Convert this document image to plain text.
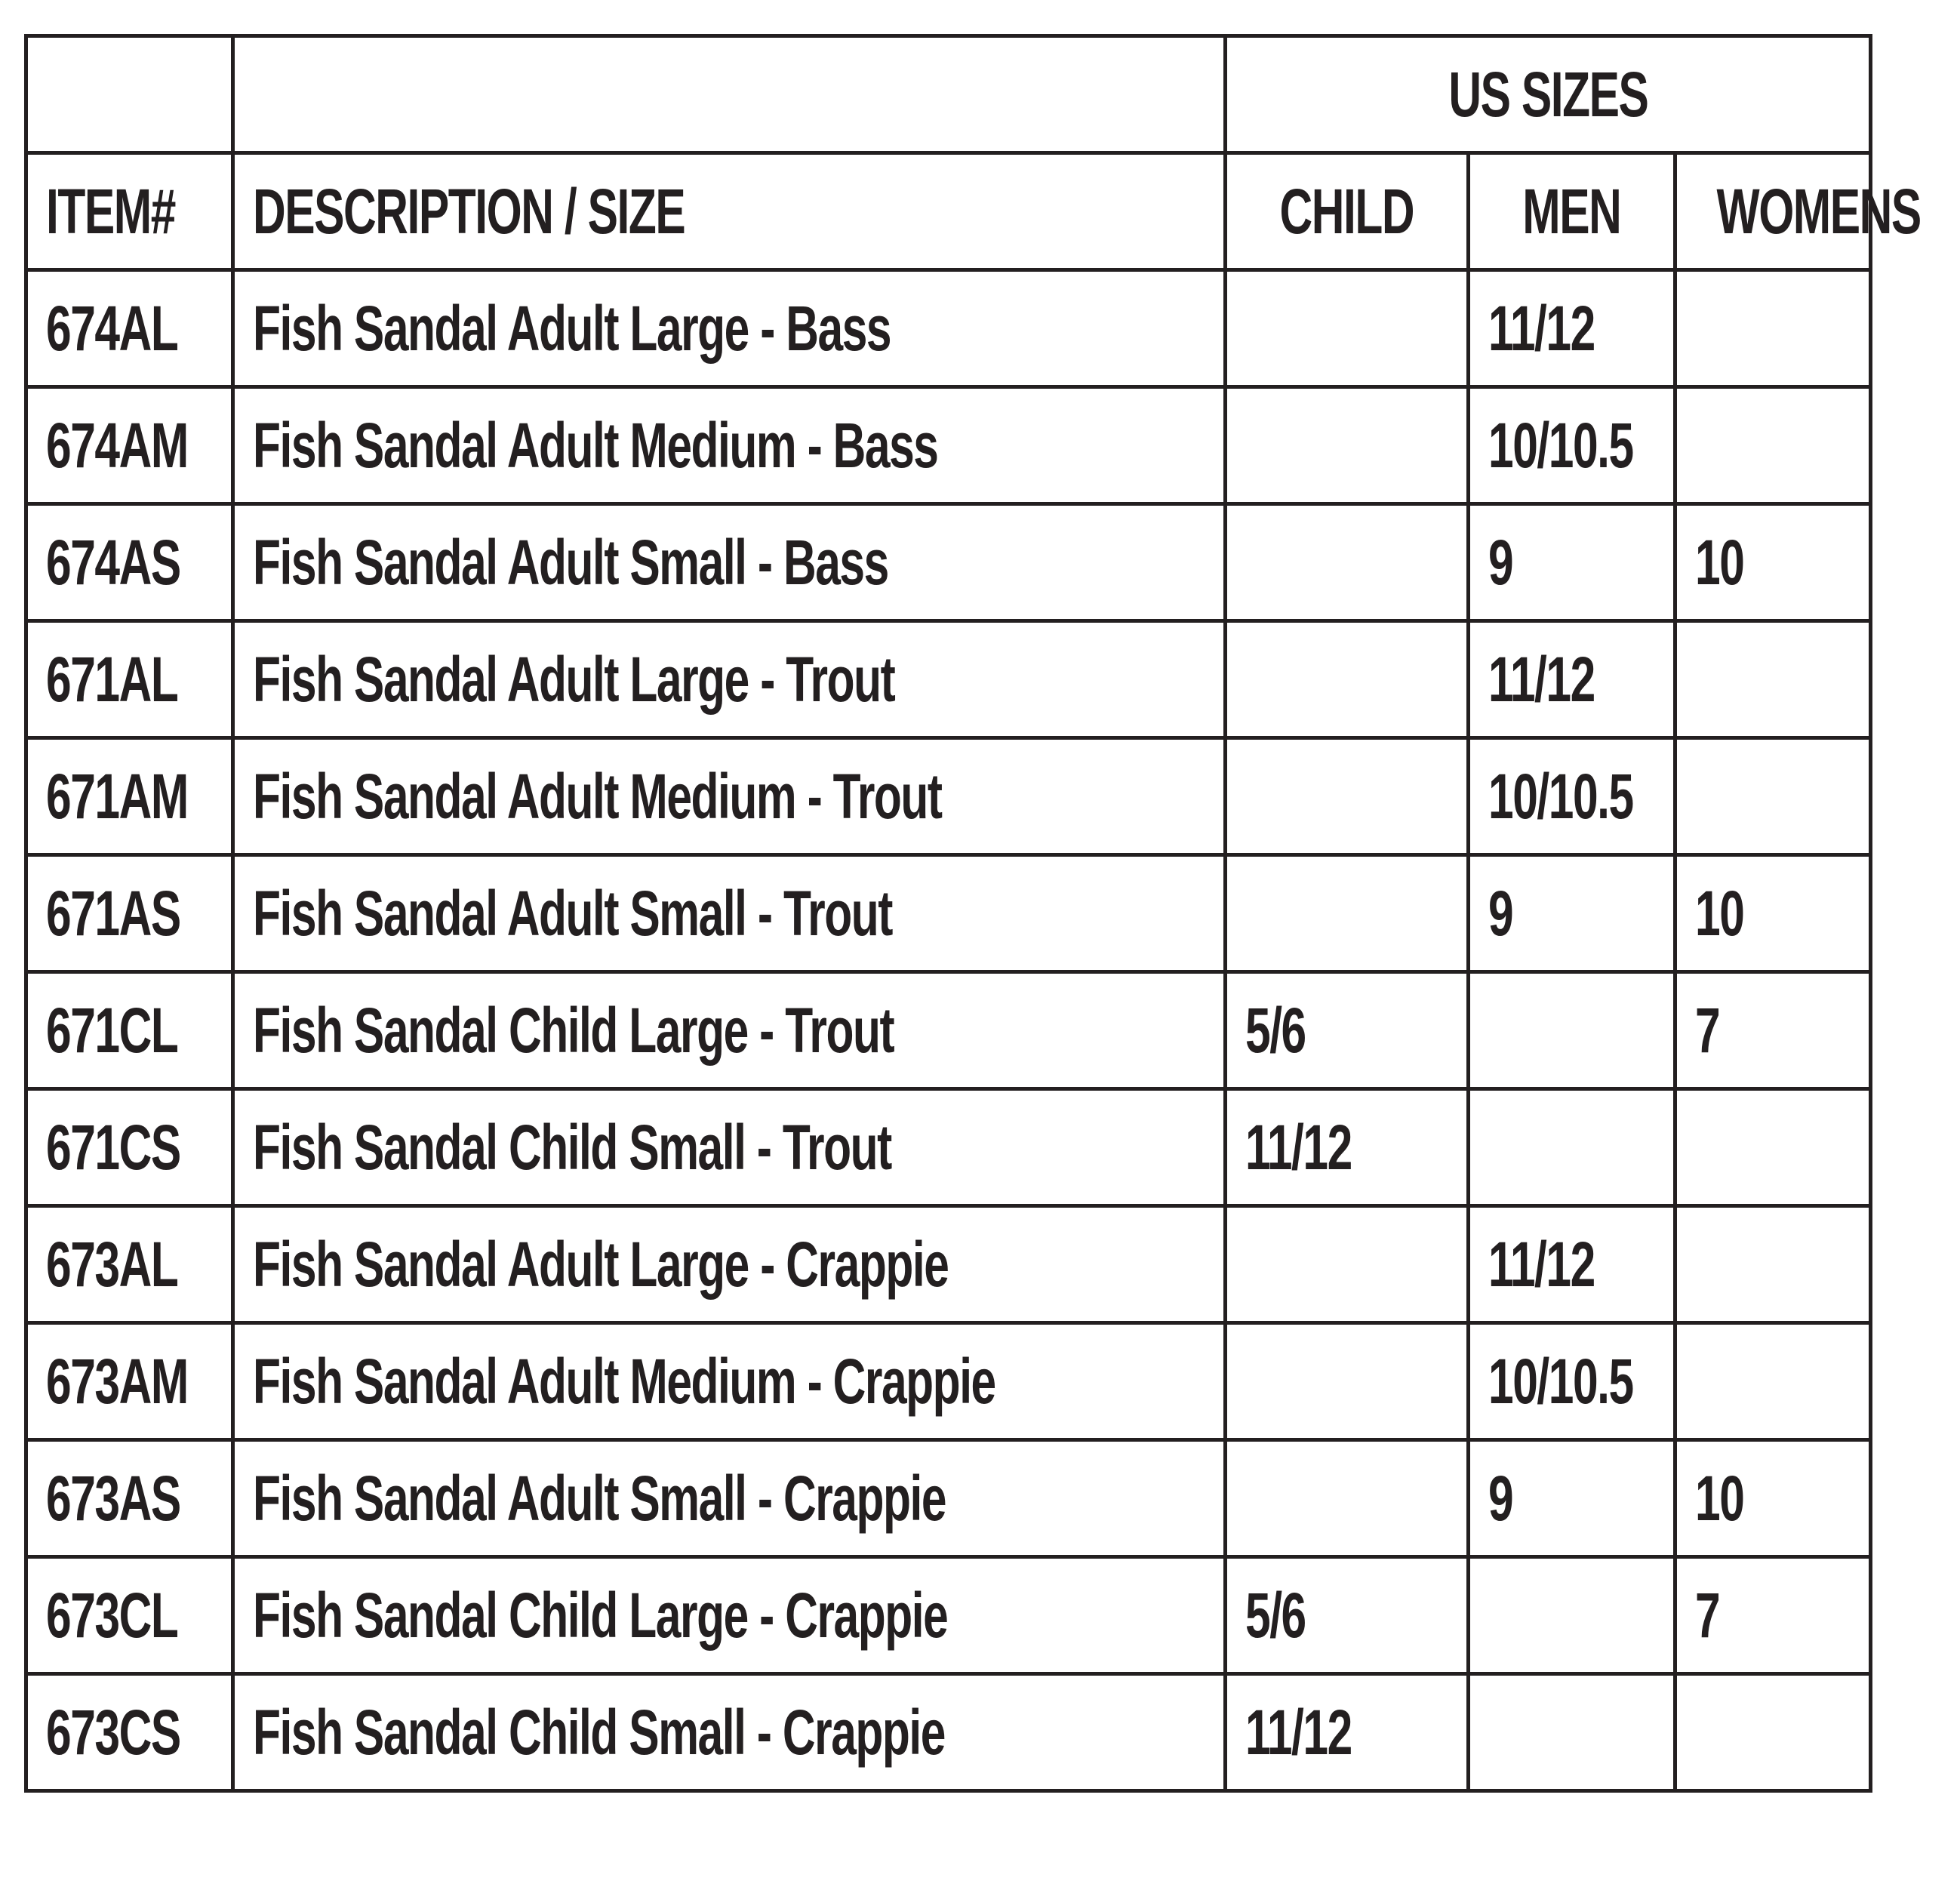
		US SIZES		
ITEM#	DESCRIPTION / SIZE	CHILD	MEN	WOMENS
674AL	Fish Sandal Adult Large - Bass		11/12	
674AM	Fish Sandal Adult Medium - Bass		10/10.5	
674AS	Fish Sandal Adult Small - Bass		9	10
671AL	Fish Sandal Adult Large - Trout		11/12	
671AM	Fish Sandal Adult Medium - Trout		10/10.5	
671AS	Fish Sandal Adult Small - Trout		9	10
671CL	Fish Sandal Child Large - Trout	5/6		7
671CS	Fish Sandal Child Small - Trout	11/12		
673AL	Fish Sandal Adult Large - Crappie		11/12	
673AM	Fish Sandal Adult Medium - Crappie		10/10.5	
673AS	Fish Sandal Adult Small - Crappie		9	10
673CL	Fish Sandal Child Large - Crappie	5/6		7
673CS	Fish Sandal Child Small - Crappie	11/12		
